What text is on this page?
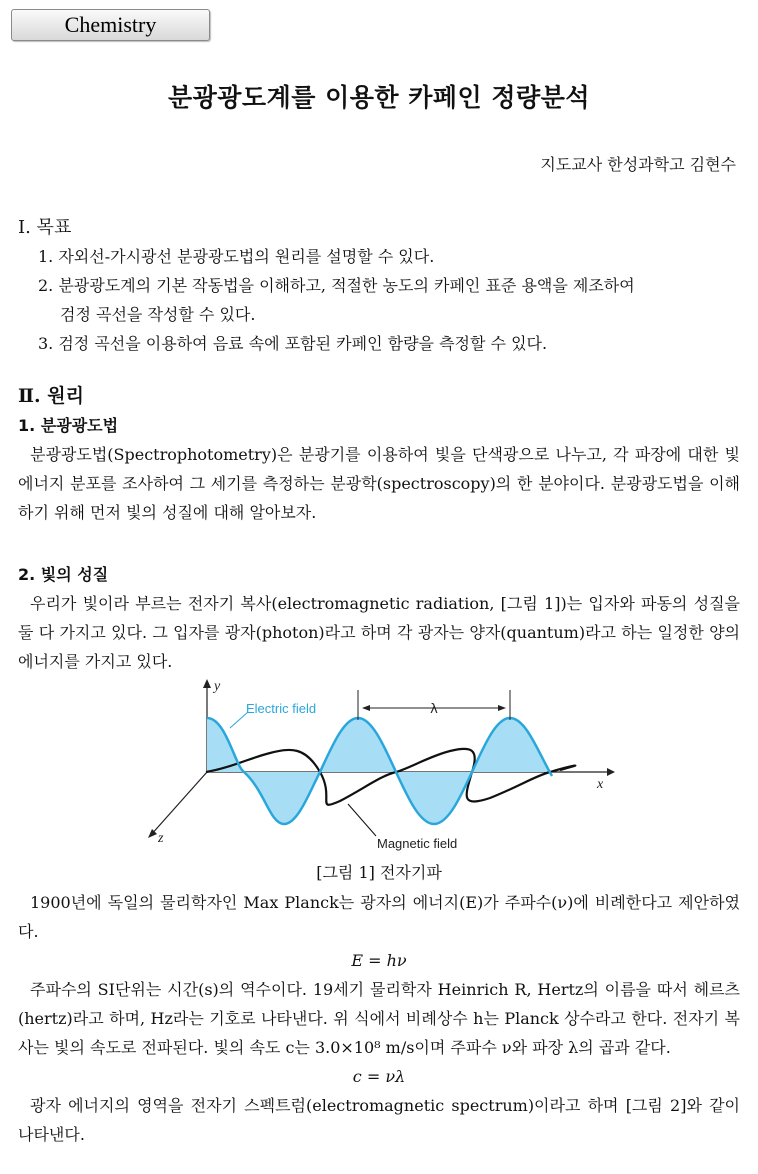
Chemistry
분광광도계를 이용한 카페인 정량분석
지도교사 한성과학고 김현수
Ⅰ. 목표
1. 자외선-가시광선 분광광도법의 원리를 설명할 수 있다.
2. 분광광도계의 기본 작동법을 이해하고, 적절한 농도의 카페인 표준 용액을 제조하여
검정 곡선을 작성할 수 있다.
3. 검정 곡선을 이용하여 음료 속에 포함된 카페인 함량을 측정할 수 있다.
Ⅱ. 원리
1. 분광광도법
분광광도법(Spectrophotometry)은 분광기를 이용하여 빛을 단색광으로 나누고, 각 파장에 대한 빛에너지 분포를 조사하여 그 세기를 측정하는 분광학(spectroscopy)의 한 분야이다. 분광광도법을 이해하기 위해 먼저 빛의 성질에 대해 알아보자.
2. 빛의 성질
우리가 빛이라 부르는 전자기 복사(electromagnetic radiation, [그림 1])는 입자와 파동의 성질을 둘 다 가지고 있다. 그 입자를 광자(photon)라고 하며 각 광자는 양자(quantum)라고 하는 일정한 양의 에너지를 가지고 있다.
Electric field	λ
Magnetic field
y
x
z
[그림 1] 전자기파
1900년에 독일의 물리학자인 Max Planck는 광자의 에너지(E)가 주파수(ν)에 비례한다고 제안하였다.
E = hν
주파수의 SI단위는 시간(s)의 역수이다. 19세기 물리학자 Heinrich R, Hertz의 이름을 따서 헤르츠(hertz)라고 하며, Hz라는 기호로 나타낸다. 위 식에서 비례상수 h는 Planck 상수라고 한다. 전자기 복사는 빛의 속도로 전파된다. 빛의 속도 c는 3.0×10⁸ m/s이며 주파수 ν와 파장 λ의 곱과 같다.
c = νλ
광자 에너지의 영역을 전자기 스펙트럼(electromagnetic spectrum)이라고 하며 [그림 2]와 같이 나타낸다.
